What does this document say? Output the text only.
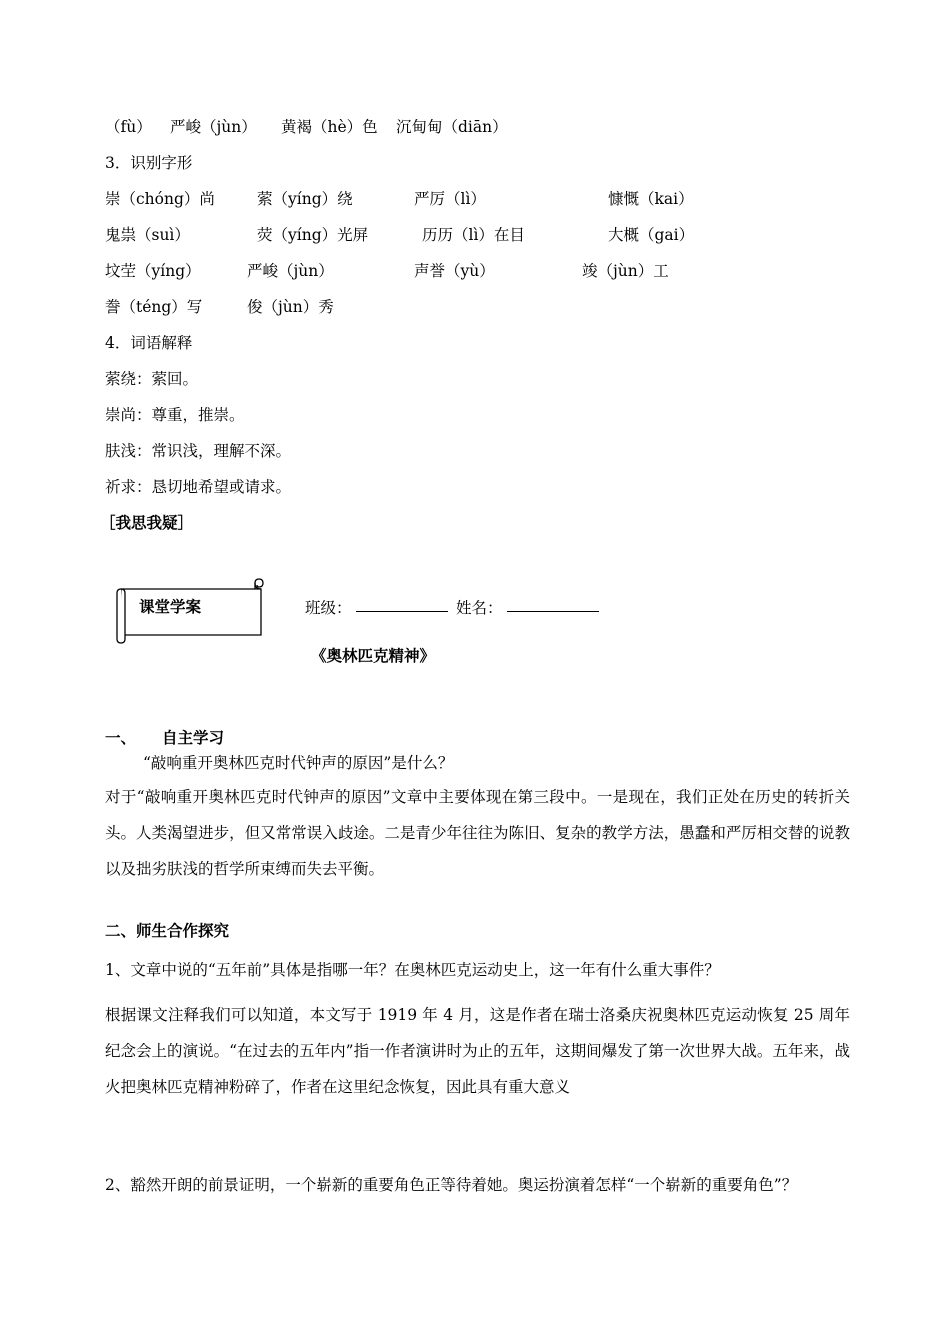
（fù） 严峻（jùn） 黄褐（hè）色 沉甸甸（diān）
3．识别字形
崇（chóng）尚	萦（yíng）绕	严厉（lì）	慷慨（kai）
鬼祟（suì）	荧（yíng）光屏	历历（lì）在目	大概（gai）
坟茔（yíng）	严峻（jùn）	声誉（yù）	竣（jùn）工
誊（téng）写	俊（jùn）秀
4．词语解释
萦绕：萦回。
崇尚：尊重，推崇。
肤浅：常识浅，理解不深。
祈求：恳切地希望或请求。
［我思我疑］
课堂学案	班级：	姓名：
《奥林匹克精神》
一、 自主学习
“敲响重开奥林匹克时代钟声的原因”是什么？
对于“敲响重开奥林匹克时代钟声的原因”文章中主要体现在第三段中。一是现在，我们正处在历史的转折关头。人类渴望进步，但又常常误入歧途。二是青少年往往为陈旧、复杂的教学方法，愚蠢和严厉相交替的说教以及拙劣肤浅的哲学所束缚而失去平衡。
二、师生合作探究
1、文章中说的“五年前”具体是指哪一年？在奥林匹克运动史上，这一年有什么重大事件？
根据课文注释我们可以知道，本文写于 1919 年 4 月，这是作者在瑞士洛桑庆祝奥林匹克运动恢复 25 周年纪念会上的演说。“在过去的五年内”指一作者演讲时为止的五年，这期间爆发了第一次世界大战。五年来，战火把奥林匹克精神粉碎了，作者在这里纪念恢复，因此具有重大意义
2、豁然开朗的前景证明，一个崭新的重要角色正等待着她。奥运扮演着怎样“一个崭新的重要角色”？
